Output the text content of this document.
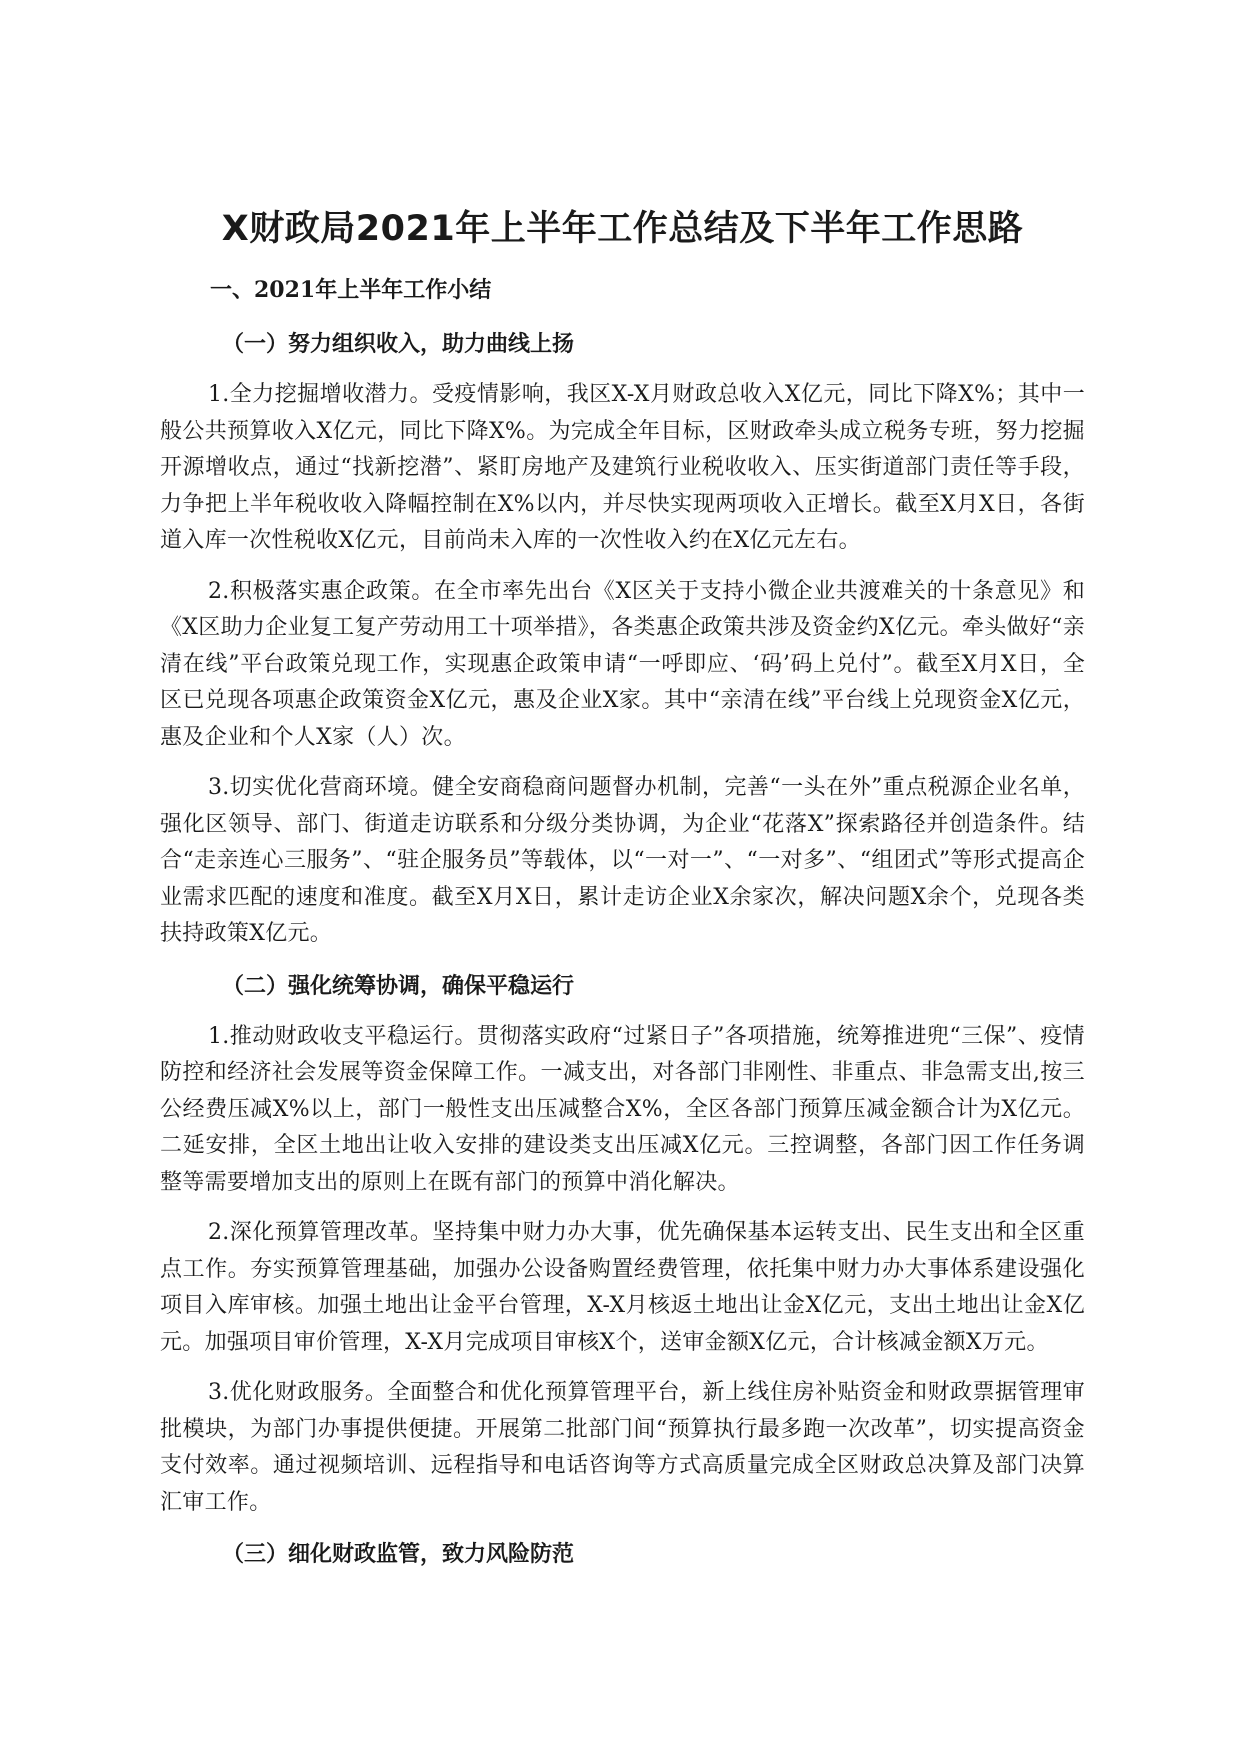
X财政局2021年上半年工作总结及下半年工作思路
一、2021年上半年工作小结
（一）努力组织收入，助力曲线上扬

1.全力挖掘增收潜力。受疫情影响，我区X-X月财政总收入X亿元，同比下降X%；其中一般公共预算收入X亿元，同比下降X%。为完成全年目标，区财政牵头成立税务专班，努力挖掘开源增收点，通过“找新挖潜”、紧盯房地产及建筑行业税收收入、压实街道部门责任等手段，力争把上半年税收收入降幅控制在X%以内，并尽快实现两项收入正增长。截至X月X日，各街道入库一次性税收X亿元，目前尚未入库的一次性收入约在X亿元左右。

2.积极落实惠企政策。在全市率先出台《X区关于支持小微企业共渡难关的十条意见》和《X区助力企业复工复产劳动用工十项举措》，各类惠企政策共涉及资金约X亿元。牵头做好“亲清在线”平台政策兑现工作，实现惠企政策申请“一呼即应、‘码’码上兑付”。截至X月X日，全区已兑现各项惠企政策资金X亿元，惠及企业X家。其中“亲清在线”平台线上兑现资金X亿元，惠及企业和个人X家（人）次。

3.切实优化营商环境。健全安商稳商问题督办机制，完善“一头在外”重点税源企业名单，强化区领导、部门、街道走访联系和分级分类协调，为企业“花落X”探索路径并创造条件。结合“走亲连心三服务”、“驻企服务员”等载体，以“一对一”、“一对多”、“组团式”等形式提高企业需求匹配的速度和准度。截至X月X日，累计走访企业X余家次，解决问题X余个，兑现各类扶持政策X亿元。

（二）强化统筹协调，确保平稳运行

1.推动财政收支平稳运行。贯彻落实政府“过紧日子”各项措施，统筹推进兜“三保”、疫情防控和经济社会发展等资金保障工作。一减支出，对各部门非刚性、非重点、非急需支出,按三公经费压减X%以上，部门一般性支出压减整合X%，全区各部门预算压减金额合计为X亿元。二延安排，全区土地出让收入安排的建设类支出压减X亿元。三控调整，各部门因工作任务调整等需要增加支出的原则上在既有部门的预算中消化解决。

2.深化预算管理改革。坚持集中财力办大事，优先确保基本运转支出、民生支出和全区重点工作。夯实预算管理基础，加强办公设备购置经费管理，依托集中财力办大事体系建设强化项目入库审核。加强土地出让金平台管理，X-X月核返土地出让金X亿元，支出土地出让金X亿元。加强项目审价管理，X-X月完成项目审核X个，送审金额X亿元，合计核减金额X万元。

3.优化财政服务。全面整合和优化预算管理平台，新上线住房补贴资金和财政票据管理审批模块，为部门办事提供便捷。开展第二批部门间“预算执行最多跑一次改革”，切实提高资金支付效率。通过视频培训、远程指导和电话咨询等方式高质量完成全区财政总决算及部门决算汇审工作。

（三）细化财政监管，致力风险防范
